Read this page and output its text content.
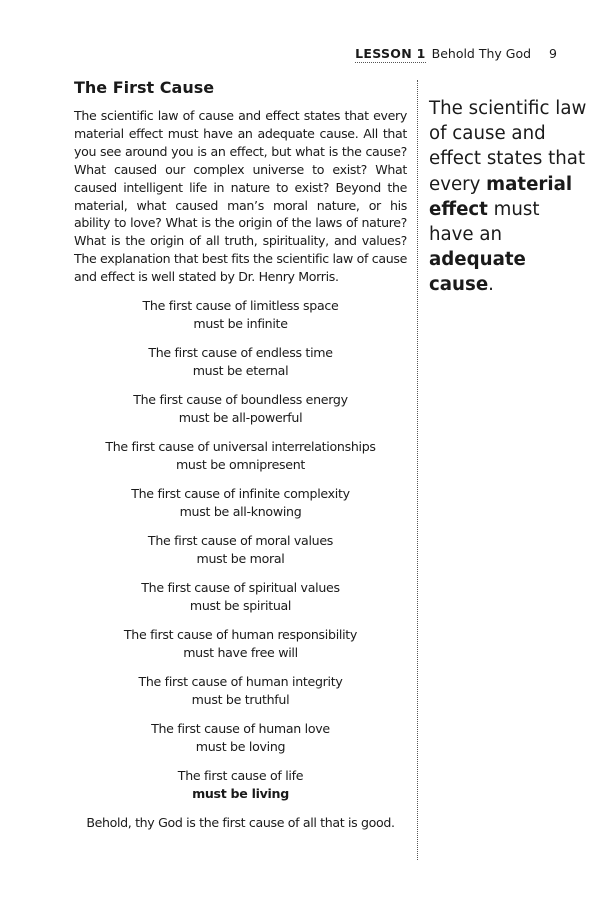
LESSON 1 Behold Thy God 9
The First Cause

The scientific law of cause and effect states that every material effect must have an adequate cause. All that you see around you is an effect, but what is the cause? What caused our complex universe to exist? What caused intelligent life in nature to exist? Beyond the material, what caused man’s moral nature, or his ability to love? What is the origin of the laws of nature? What is the origin of all truth, spirituality, and values? The explanation that best fits the scientific law of cause and effect is well stated by Dr. Henry Morris.

The first cause of limitless space
must be infinite
The first cause of endless time
must be eternal
The first cause of boundless energy
must be all-powerful
The first cause of universal interrelationships
must be omnipresent
The first cause of infinite complexity
must be all-knowing
The first cause of moral values
must be moral
The first cause of spiritual values
must be spiritual
The first cause of human responsibility
must have free will
The first cause of human integrity
must be truthful
The first cause of human love
must be loving
The first cause of life
must be living

Behold, thy God is the first cause of all that is good.

The scientific law of cause and effect states that every material effect must have an adequate cause.
